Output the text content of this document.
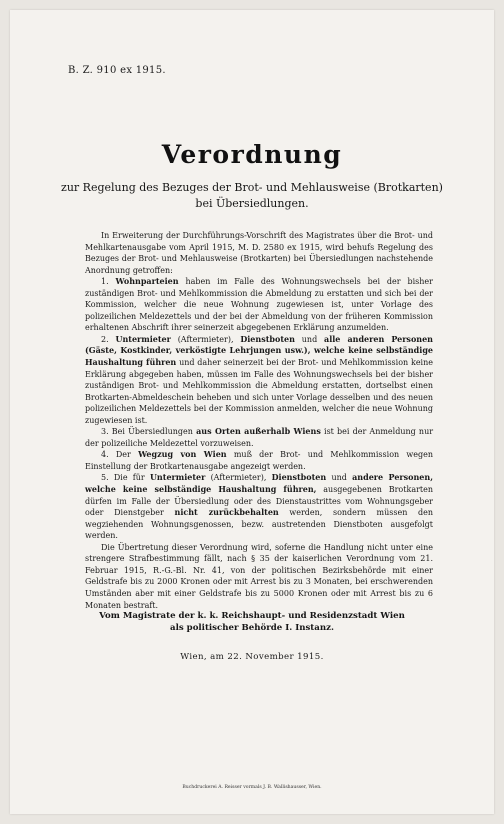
B. Z. 910 ex 1915.
Verordnung
zur Regelung des Bezuges der Brot- und Mehlausweise (Brotkarten)
bei Übersiedlungen.

In Erweiterung der Durchführungs-Vorschrift des Magistrates über die Brot- und Mehlkartenausgabe vom April 1915, M. D. 2580 ex 1915, wird behufs Regelung des Bezuges der Brot- und Mehlausweise (Brotkarten) bei Übersiedlungen nachstehende Anordnung getroffen:

1. Wohnparteien haben im Falle des Wohnungswechsels bei der bisher zuständigen Brot- und Mehlkommission die Abmeldung zu erstatten und sich bei der Kommission, welcher die neue Wohnung zugewiesen ist, unter Vorlage des polizeilichen Meldezettels und der bei der Abmeldung von der früheren Kommission erhaltenen Abschrift ihrer seinerzeit abgegebenen Erklärung anzumelden.

2. Untermieter (Aftermieter), Dienstboten und alle anderen Personen (Gäste, Kostkinder, verköstigte Lehrjungen usw.), welche keine selbständige Haushaltung führen und daher seinerzeit bei der Brot- und Mehlkommission keine Erklärung abgegeben haben, müssen im Falle des Wohnungswechsels bei der bisher zuständigen Brot- und Mehlkommission die Abmeldung erstatten, dortselbst einen Brotkarten-Abmeldeschein beheben und sich unter Vorlage desselben und des neuen polizeilichen Meldezettels bei der Kommission anmelden, welcher die neue Wohnung zugewiesen ist.

3. Bei Übersiedlungen aus Orten außerhalb Wiens ist bei der Anmeldung nur der polizeiliche Meldezettel vorzuweisen.

4. Der Wegzug von Wien muß der Brot- und Mehlkommission wegen Einstellung der Brotkartenausgabe angezeigt werden.

5. Die für Untermieter (Aftermieter), Dienstboten und andere Personen, welche keine selbständige Haushaltung führen, ausgegebenen Brotkarten dürfen im Falle der Übersiedlung oder des Dienstaustrittes vom Wohnungsgeber oder Dienstgeber nicht zurückbehalten werden, sondern müssen den wegziehenden Wohnungsgenossen, bezw. austretenden Dienstboten ausgefolgt werden.

Die Übertretung dieser Verordnung wird, soferne die Handlung nicht unter eine strengere Strafbestimmung fällt, nach § 35 der kaiserlichen Verordnung vom 21. Februar 1915, R.-G.-Bl. Nr. 41, von der politischen Bezirksbehörde mit einer Geldstrafe bis zu 2000 Kronen oder mit Arrest bis zu 3 Monaten, bei erschwerenden Umständen aber mit einer Geldstrafe bis zu 5000 Kronen oder mit Arrest bis zu 6 Monaten bestraft.

Vom Magistrate der k. k. Reichshaupt- und Residenzstadt Wien
als politischer Behörde I. Instanz.
Wien, am 22. November 1915.
Buchdruckerei A. Reisser vormals J. B. Wallishausser, Wien.
